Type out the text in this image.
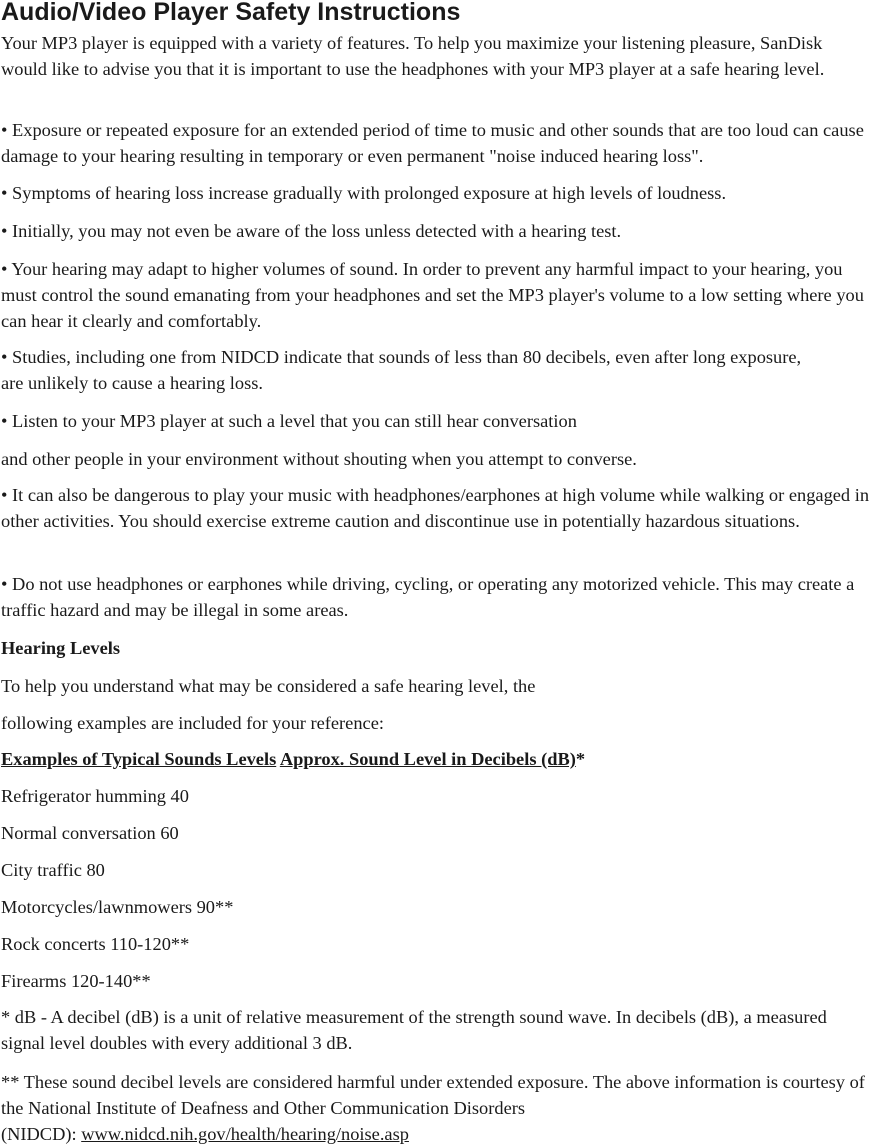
Audio/Video Player Safety Instructions

Your MP3 player is equipped with a variety of features. To help you maximize your listening pleasure, SanDisk would like to advise you that it is important to use the headphones with your MP3 player at a safe hearing level.

• Exposure or repeated exposure for an extended period of time to music and other sounds that are too loud can cause damage to your hearing resulting in temporary or even permanent "noise induced hearing loss".

• Symptoms of hearing loss increase gradually with prolonged exposure at high levels of loudness.

• Initially, you may not even be aware of the loss unless detected with a hearing test.

• Your hearing may adapt to higher volumes of sound. In order to prevent any harmful impact to your hearing, you must control the sound emanating from your headphones and set the MP3 player's volume to a low setting where you can hear it clearly and comfortably.

• Studies, including one from NIDCD indicate that sounds of less than 80 decibels, even after long exposure, are unlikely to cause a hearing loss.

• Listen to your MP3 player at such a level that you can still hear conversation

and other people in your environment without shouting when you attempt to converse.

• It can also be dangerous to play your music with headphones/earphones at high volume while walking or engaged in other activities. You should exercise extreme caution and discontinue use in potentially hazardous situations.

• Do not use headphones or earphones while driving, cycling, or operating any motorized vehicle. This may create a traffic hazard and may be illegal in some areas.

Hearing Levels

To help you understand what may be considered a safe hearing level, the

following examples are included for your reference:

Examples of Typical Sounds Levels Approx. Sound Level in Decibels (dB)*

Refrigerator humming 40

Normal conversation 60

City traffic 80

Motorcycles/lawnmowers 90**

Rock concerts 110-120**

Firearms 120-140**

* dB - A decibel (dB) is a unit of relative measurement of the strength sound wave. In decibels (dB), a measured signal level doubles with every additional 3 dB.

** These sound decibel levels are considered harmful under extended exposure. The above information is courtesy of the National Institute of Deafness and Other Communication Disorders
(NIDCD): www.nidcd.nih.gov/health/hearing/noise.asp
